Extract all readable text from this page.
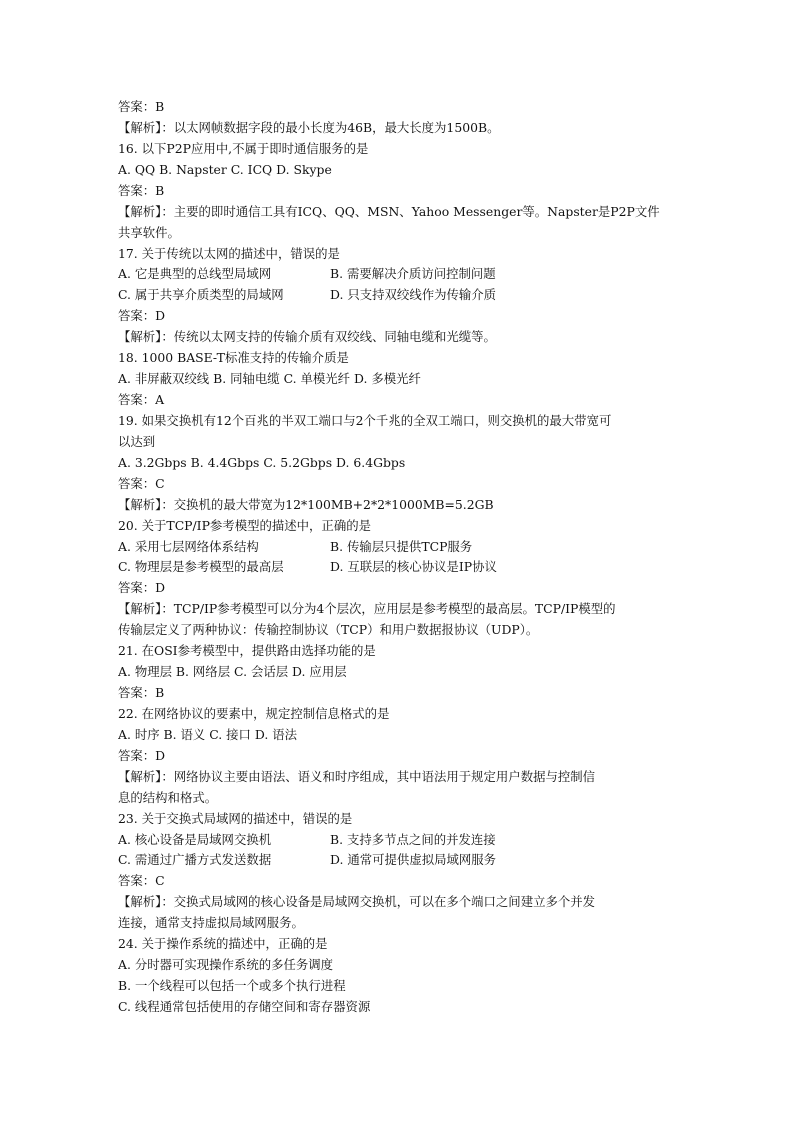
答案：B
【解析】：以太网帧数据字段的最小长度为46B，最大长度为1500B。
16. 以下P2P应用中,不属于即时通信服务的是
A. QQ B. Napster C. ICQ D. Skype
答案：B
【解析】：主要的即时通信工具有ICQ、QQ、MSN、Yahoo Messenger等。Napster是P2P文件
共享软件。
17. 关于传统以太网的描述中，错误的是
A. 它是典型的总线型局域网	B. 需要解决介质访问控制问题
C. 属于共享介质类型的局域网	D. 只支持双绞线作为传输介质
答案：D
【解析】：传统以太网支持的传输介质有双绞线、同轴电缆和光缆等。
18. 1000 BASE-T标准支持的传输介质是
A. 非屏蔽双绞线 B. 同轴电缆 C. 单模光纤 D. 多模光纤
答案：A
19. 如果交换机有12个百兆的半双工端口与2个千兆的全双工端口，则交换机的最大带宽可
以达到
A. 3.2Gbps B. 4.4Gbps C. 5.2Gbps D. 6.4Gbps
答案：C
【解析】：交换机的最大带宽为12*100MB+2*2*1000MB=5.2GB
20. 关于TCP/IP参考模型的描述中，正确的是
A. 采用七层网络体系结构	B. 传输层只提供TCP服务
C. 物理层是参考模型的最高层	D. 互联层的核心协议是IP协议
答案：D
【解析】：TCP/IP参考模型可以分为4个层次，应用层是参考模型的最高层。TCP/IP模型的
传输层定义了两种协议：传输控制协议（TCP）和用户数据报协议（UDP）。
21. 在OSI参考模型中，提供路由选择功能的是
A. 物理层 B. 网络层 C. 会话层 D. 应用层
答案：B
22. 在网络协议的要素中，规定控制信息格式的是
A. 时序 B. 语义 C. 接口 D. 语法
答案：D
【解析】：网络协议主要由语法、语义和时序组成，其中语法用于规定用户数据与控制信
息的结构和格式。
23. 关于交换式局域网的描述中，错误的是
A. 核心设备是局域网交换机	B. 支持多节点之间的并发连接
C. 需通过广播方式发送数据	D. 通常可提供虚拟局域网服务
答案：C
【解析】：交换式局域网的核心设备是局域网交换机，可以在多个端口之间建立多个并发
连接，通常支持虚拟局域网服务。
24. 关于操作系统的描述中，正确的是
A. 分时器可实现操作系统的多任务调度
B. 一个线程可以包括一个或多个执行进程
C. 线程通常包括使用的存储空间和寄存器资源
